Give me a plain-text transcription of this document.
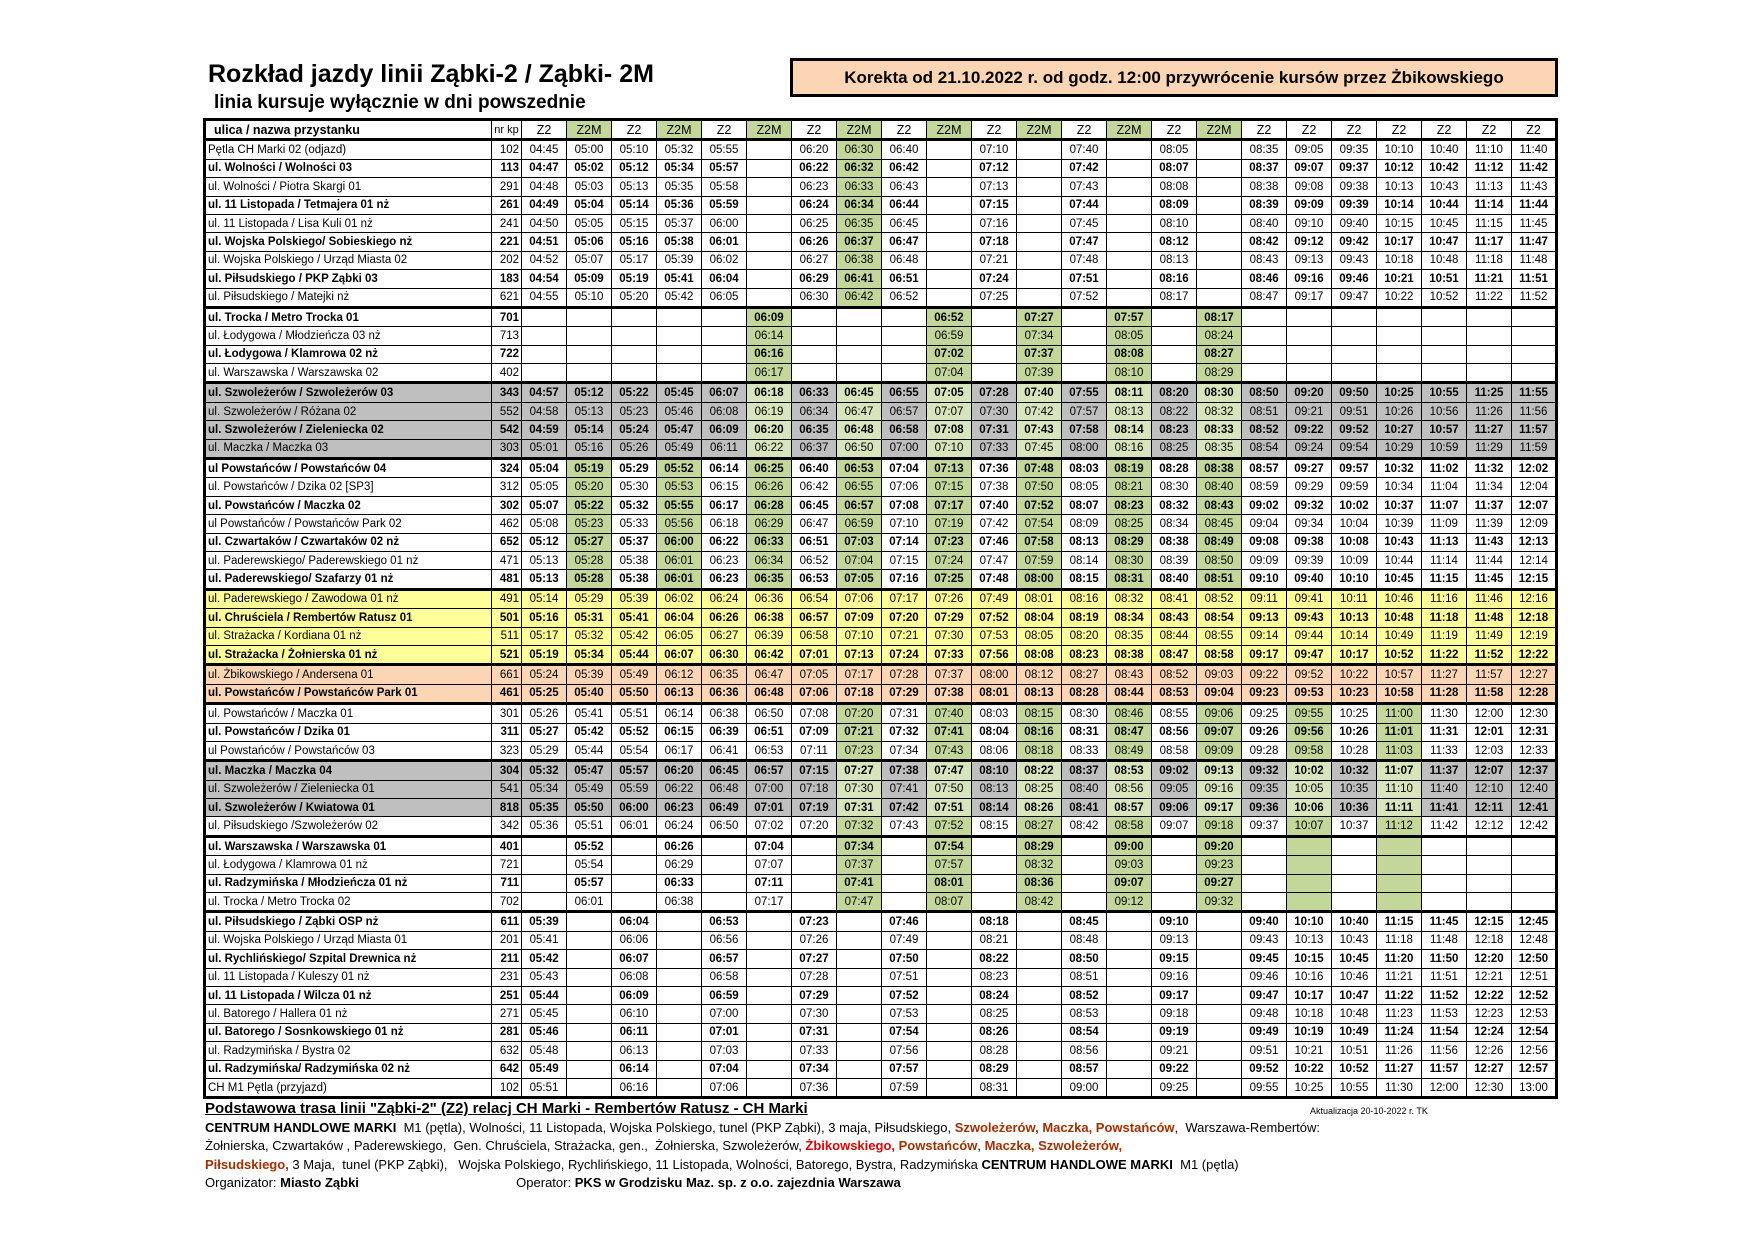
Rozkład jazdy linii Ząbki-2 / Ząbki- 2M
linia kursuje wyłącznie w dni powszednie
Korekta od 21.10.2022 r. od godz. 12:00 przywrócenie kursów przez Żbikowskiego
ulica / nazwa przystanku	nr kp	Z2	Z2M	Z2	Z2M	Z2	Z2M	Z2	Z2M	Z2	Z2M	Z2	Z2M	Z2	Z2M	Z2	Z2M	Z2	Z2	Z2	Z2	Z2	Z2	Z2
Pętla CH Marki 02 (odjazd)	102	04:45	05:00	05:10	05:32	05:55		06:20	06:30	06:40		07:10		07:40		08:05		08:35	09:05	09:35	10:10	10:40	11:10	11:40
ul. Wolności / Wolności 03	113	04:47	05:02	05:12	05:34	05:57		06:22	06:32	06:42		07:12		07:42		08:07		08:37	09:07	09:37	10:12	10:42	11:12	11:42
ul. Wolności / Piotra Skargi 01	291	04:48	05:03	05:13	05:35	05:58		06:23	06:33	06:43		07:13		07:43		08:08		08:38	09:08	09:38	10:13	10:43	11:13	11:43
ul. 11 Listopada / Tetmajera 01 nż	261	04:49	05:04	05:14	05:36	05:59		06:24	06:34	06:44		07:15		07:44		08:09		08:39	09:09	09:39	10:14	10:44	11:14	11:44
ul. 11 Listopada / Lisa Kuli 01 nż	241	04:50	05:05	05:15	05:37	06:00		06:25	06:35	06:45		07:16		07:45		08:10		08:40	09:10	09:40	10:15	10:45	11:15	11:45
ul. Wojska Polskiego/ Sobieskiego nż	221	04:51	05:06	05:16	05:38	06:01		06:26	06:37	06:47		07:18		07:47		08:12		08:42	09:12	09:42	10:17	10:47	11:17	11:47
ul. Wojska Polskiego / Urząd Miasta 02	202	04:52	05:07	05:17	05:39	06:02		06:27	06:38	06:48		07:21		07:48		08:13		08:43	09:13	09:43	10:18	10:48	11:18	11:48
ul. Piłsudskiego / PKP Ząbki 03	183	04:54	05:09	05:19	05:41	06:04		06:29	06:41	06:51		07:24		07:51		08:16		08:46	09:16	09:46	10:21	10:51	11:21	11:51
ul. Piłsudskiego / Matejki nż	621	04:55	05:10	05:20	05:42	06:05		06:30	06:42	06:52		07:25		07:52		08:17		08:47	09:17	09:47	10:22	10:52	11:22	11:52
ul. Trocka / Metro Trocka 01	701						06:09				06:52		07:27		07:57		08:17							
ul. Łodygowa / Młodzieńcza 03 nż	713						06:14				06:59		07:34		08:05		08:24							
ul. Łodygowa / Klamrowa 02 nż	722						06:16				07:02		07:37		08:08		08:27							
ul. Warszawska / Warszawska 02	402						06:17				07:04		07:39		08:10		08:29							
ul. Szwoleżerów / Szwoleżerów 03	343	04:57	05:12	05:22	05:45	06:07	06:18	06:33	06:45	06:55	07:05	07:28	07:40	07:55	08:11	08:20	08:30	08:50	09:20	09:50	10:25	10:55	11:25	11:55
ul. Szwoleżerów / Różana 02	552	04:58	05:13	05:23	05:46	06:08	06:19	06:34	06:47	06:57	07:07	07:30	07:42	07:57	08:13	08:22	08:32	08:51	09:21	09:51	10:26	10:56	11:26	11:56
ul. Szwoleżerów / Zieleniecka 02	542	04:59	05:14	05:24	05:47	06:09	06:20	06:35	06:48	06:58	07:08	07:31	07:43	07:58	08:14	08:23	08:33	08:52	09:22	09:52	10:27	10:57	11:27	11:57
ul. Maczka / Maczka 03	303	05:01	05:16	05:26	05:49	06:11	06:22	06:37	06:50	07:00	07:10	07:33	07:45	08:00	08:16	08:25	08:35	08:54	09:24	09:54	10:29	10:59	11:29	11:59
ul Powstańców / Powstańców 04	324	05:04	05:19	05:29	05:52	06:14	06:25	06:40	06:53	07:04	07:13	07:36	07:48	08:03	08:19	08:28	08:38	08:57	09:27	09:57	10:32	11:02	11:32	12:02
ul. Powstańców / Dzika 02 [SP3]	312	05:05	05:20	05:30	05:53	06:15	06:26	06:42	06:55	07:06	07:15	07:38	07:50	08:05	08:21	08:30	08:40	08:59	09:29	09:59	10:34	11:04	11:34	12:04
ul. Powstańców / Maczka 02	302	05:07	05:22	05:32	05:55	06:17	06:28	06:45	06:57	07:08	07:17	07:40	07:52	08:07	08:23	08:32	08:43	09:02	09:32	10:02	10:37	11:07	11:37	12:07
ul Powstańców / Powstańców Park 02	462	05:08	05:23	05:33	05:56	06:18	06:29	06:47	06:59	07:10	07:19	07:42	07:54	08:09	08:25	08:34	08:45	09:04	09:34	10:04	10:39	11:09	11:39	12:09
ul. Czwartaków / Czwartaków 02 nż	652	05:12	05:27	05:37	06:00	06:22	06:33	06:51	07:03	07:14	07:23	07:46	07:58	08:13	08:29	08:38	08:49	09:08	09:38	10:08	10:43	11:13	11:43	12:13
ul. Paderewskiego/ Paderewskiego 01 nż	471	05:13	05:28	05:38	06:01	06:23	06:34	06:52	07:04	07:15	07:24	07:47	07:59	08:14	08:30	08:39	08:50	09:09	09:39	10:09	10:44	11:14	11:44	12:14
ul. Paderewskiego/ Szafarzy 01 nż	481	05:13	05:28	05:38	06:01	06:23	06:35	06:53	07:05	07:16	07:25	07:48	08:00	08:15	08:31	08:40	08:51	09:10	09:40	10:10	10:45	11:15	11:45	12:15
ul. Paderewskiego / Zawodowa 01 nż	491	05:14	05:29	05:39	06:02	06:24	06:36	06:54	07:06	07:17	07:26	07:49	08:01	08:16	08:32	08:41	08:52	09:11	09:41	10:11	10:46	11:16	11:46	12:16
ul. Chruściela / Rembertów Ratusz 01	501	05:16	05:31	05:41	06:04	06:26	06:38	06:57	07:09	07:20	07:29	07:52	08:04	08:19	08:34	08:43	08:54	09:13	09:43	10:13	10:48	11:18	11:48	12:18
ul. Strażacka / Kordiana 01 nż	511	05:17	05:32	05:42	06:05	06:27	06:39	06:58	07:10	07:21	07:30	07:53	08:05	08:20	08:35	08:44	08:55	09:14	09:44	10:14	10:49	11:19	11:49	12:19
ul. Strażacka / Żołnierska 01 nż	521	05:19	05:34	05:44	06:07	06:30	06:42	07:01	07:13	07:24	07:33	07:56	08:08	08:23	08:38	08:47	08:58	09:17	09:47	10:17	10:52	11:22	11:52	12:22
ul. Żbikowskiego / Andersena 01	661	05:24	05:39	05:49	06:12	06:35	06:47	07:05	07:17	07:28	07:37	08:00	08:12	08:27	08:43	08:52	09:03	09:22	09:52	10:22	10:57	11:27	11:57	12:27
ul. Powstańców / Powstańców Park 01	461	05:25	05:40	05:50	06:13	06:36	06:48	07:06	07:18	07:29	07:38	08:01	08:13	08:28	08:44	08:53	09:04	09:23	09:53	10:23	10:58	11:28	11:58	12:28
ul. Powstańców / Maczka 01	301	05:26	05:41	05:51	06:14	06:38	06:50	07:08	07:20	07:31	07:40	08:03	08:15	08:30	08:46	08:55	09:06	09:25	09:55	10:25	11:00	11:30	12:00	12:30
ul. Powstańców / Dzika 01	311	05:27	05:42	05:52	06:15	06:39	06:51	07:09	07:21	07:32	07:41	08:04	08:16	08:31	08:47	08:56	09:07	09:26	09:56	10:26	11:01	11:31	12:01	12:31
ul Powstańców / Powstańców 03	323	05:29	05:44	05:54	06:17	06:41	06:53	07:11	07:23	07:34	07:43	08:06	08:18	08:33	08:49	08:58	09:09	09:28	09:58	10:28	11:03	11:33	12:03	12:33
ul. Maczka / Maczka 04	304	05:32	05:47	05:57	06:20	06:45	06:57	07:15	07:27	07:38	07:47	08:10	08:22	08:37	08:53	09:02	09:13	09:32	10:02	10:32	11:07	11:37	12:07	12:37
ul. Szwoleżerów / Zieleniecka 01	541	05:34	05:49	05:59	06:22	06:48	07:00	07:18	07:30	07:41	07:50	08:13	08:25	08:40	08:56	09:05	09:16	09:35	10:05	10:35	11:10	11:40	12:10	12:40
ul. Szwoleżerów / Kwiatowa 01	818	05:35	05:50	06:00	06:23	06:49	07:01	07:19	07:31	07:42	07:51	08:14	08:26	08:41	08:57	09:06	09:17	09:36	10:06	10:36	11:11	11:41	12:11	12:41
ul. Piłsudskiego /Szwoleżerów 02	342	05:36	05:51	06:01	06:24	06:50	07:02	07:20	07:32	07:43	07:52	08:15	08:27	08:42	08:58	09:07	09:18	09:37	10:07	10:37	11:12	11:42	12:12	12:42
ul. Warszawska / Warszawska 01	401		05:52		06:26		07:04		07:34		07:54		08:29		09:00		09:20							
ul. Łodygowa / Klamrowa 01 nż	721		05:54		06:29		07:07		07:37		07:57		08:32		09:03		09:23							
ul. Radzymińska / Młodzieńcza 01 nż	711		05:57		06:33		07:11		07:41		08:01		08:36		09:07		09:27							
ul. Trocka / Metro Trocka 02	702		06:01		06:38		07:17		07:47		08:07		08:42		09:12		09:32							
ul. Piłsudskiego / Ząbki OSP nż	611	05:39		06:04		06:53		07:23		07:46		08:18		08:45		09:10		09:40	10:10	10:40	11:15	11:45	12:15	12:45
ul. Wojska Polskiego / Urząd Miasta 01	201	05:41		06:06		06:56		07:26		07:49		08:21		08:48		09:13		09:43	10:13	10:43	11:18	11:48	12:18	12:48
ul. Rychlińskiego/ Szpital Drewnica nż	211	05:42		06:07		06:57		07:27		07:50		08:22		08:50		09:15		09:45	10:15	10:45	11:20	11:50	12:20	12:50
ul. 11 Listopada / Kuleszy 01 nż	231	05:43		06:08		06:58		07:28		07:51		08:23		08:51		09:16		09:46	10:16	10:46	11:21	11:51	12:21	12:51
ul. 11 Listopada / Wilcza 01 nż	251	05:44		06:09		06:59		07:29		07:52		08:24		08:52		09:17		09:47	10:17	10:47	11:22	11:52	12:22	12:52
ul. Batorego / Hallera 01 nż	271	05:45		06:10		07:00		07:30		07:53		08:25		08:53		09:18		09:48	10:18	10:48	11:23	11:53	12:23	12:53
ul. Batorego / Sosnkowskiego 01 nż	281	05:46		06:11		07:01		07:31		07:54		08:26		08:54		09:19		09:49	10:19	10:49	11:24	11:54	12:24	12:54
ul. Radzymińska / Bystra 02	632	05:48		06:13		07:03		07:33		07:56		08:28		08:56		09:21		09:51	10:21	10:51	11:26	11:56	12:26	12:56
ul. Radzymińska/ Radzymińska 02 nż	642	05:49		06:14		07:04		07:34		07:57		08:29		08:57		09:22		09:52	10:22	10:52	11:27	11:57	12:27	12:57
CH M1 Pętla (przyjazd)	102	05:51		06:16		07:06		07:36		07:59		08:31		09:00		09:25		09:55	10:25	10:55	11:30	12:00	12:30	13:00
Aktualizacja 20-10-2022 r. TK
Podstawowa trasa linii "Ząbki-2" (Z2) relacj CH Marki - Rembertów Ratusz - CH Marki
CENTRUM HANDLOWE MARKI  M1 (pętla), Wolności, 11 Listopada, Wojska Polskiego, tunel (PKP Ząbki), 3 maja, Piłsudskiego, Szwoleżerów, Maczka, Powstańców,  Warszawa-Rembertów:
Żołnierska, Czwartaków , Paderewskiego,  Gen. Chruściela, Strażacka, gen.,  Żołnierska, Szwoleżerów, Żbikowskiego, Powstańców, Maczka, Szwoleżerów,
Piłsudskiego, 3 Maja,  tunel (PKP Ząbki),   Wojska Polskiego, Rychlińskiego, 11 Listopada, Wolności, Batorego, Bystra, Radzymińska CENTRUM HANDLOWE MARKI  M1 (pętla)
Organizator: Miasto Ząbki	Operator: PKS w Grodzisku Maz. sp. z o.o. zajezdnia Warszawa
